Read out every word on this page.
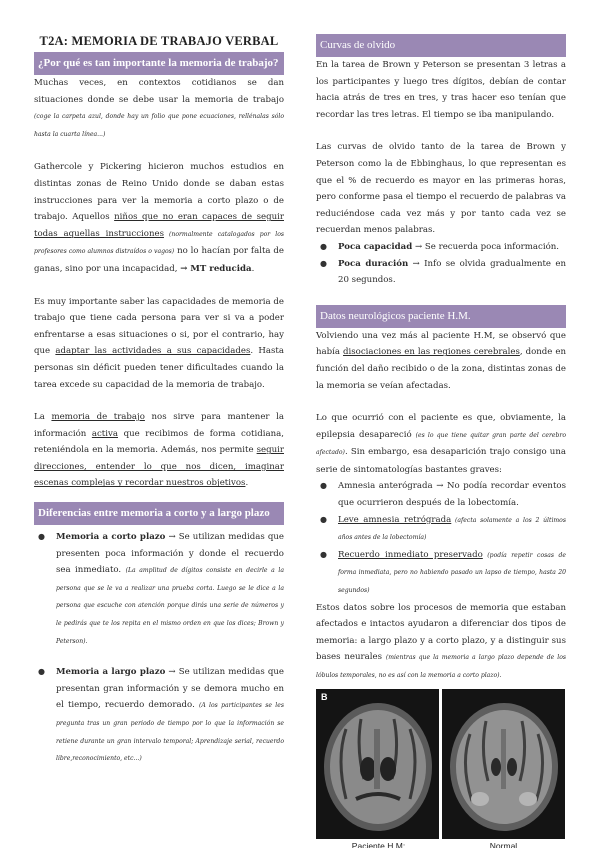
T2A: MEMORIA DE TRABAJO VERBAL
¿Por qué es tan importante la memoria de trabajo?

Muchas veces, en contextos cotidianos se dan situaciones donde se debe usar la memoria de trabajo (coge la carpeta azul, donde hay un folio que pone ecuaciones, rellénalas sólo hasta la cuarta línea...)

Gathercole y Pickering hicieron muchos estudios en distintas zonas de Reino Unido donde se daban estas instrucciones para ver la memoria a corto plazo o de trabajo. Aquellos niños que no eran capaces de seguir todas aquellas instrucciones (normalmente catalogados por los profesores como alumnos distraídos o vagos) no lo hacían por falta de ganas, sino por una incapacidad, → MT reducida.

Es muy importante saber las capacidades de memoria de trabajo que tiene cada persona para ver si va a poder enfrentarse a esas situaciones o si, por el contrario, hay que adaptar las actividades a sus capacidades. Hasta personas sin déficit pueden tener dificultades cuando la tarea excede su capacidad de la memoria de trabajo.

La memoria de trabajo nos sirve para mantener la información activa que recibimos de forma cotidiana, reteniéndola en la memoria. Además, nos permite seguir direcciones, entender lo que nos dicen, imaginar escenas complejas y recordar nuestros objetivos.

Diferencias entre memoria a corto y a largo plazo
● Memoria a corto plazo → Se utilizan medidas que presenten poca información y donde el recuerdo sea inmediato. (La amplitud de dígitos consiste en decirle a la persona que se le va a realizar una prueba corta. Luego se le dice a la persona que escuche con atención porque dirás una serie de números y le pedirás que te los repita en el mismo orden en que los dices; Brown y Peterson).
● Memoria a largo plazo → Se utilizan medidas que presentan gran información y se demora mucho en el tiempo, recuerdo demorado. (A los participantes se les pregunta tras un gran periodo de tiempo por lo que la información se retiene durante un gran intervalo temporal; Aprendizaje serial, recuerdo libre,reconocimiento, etc...)
Curvas de olvido

En la tarea de Brown y Peterson se presentan 3 letras a los participantes y luego tres dígitos, debían de contar hacia atrás de tres en tres, y tras hacer eso tenían que recordar las tres letras. El tiempo se iba manipulando.

Las curvas de olvido tanto de la tarea de Brown y Peterson como la de Ebbinghaus, lo que representan es que el % de recuerdo es mayor en las primeras horas, pero conforme pasa el tiempo el recuerdo de palabras va reduciéndose cada vez más y por tanto cada vez se recuerdan menos palabras.

● Poca capacidad → Se recuerda poca información.
● Poca duración → Info se olvida gradualmente en 20 segundos.
Datos neurológicos paciente H.M.

Volviendo una vez más al paciente H.M, se observó que había disociaciones en las regiones cerebrales, donde en función del daño recibido o de la zona, distintas zonas de la memoria se veían afectadas.

Lo que ocurrió con el paciente es que, obviamente, la epilepsia desapareció (es lo que tiene quitar gran parte del cerebro afectado). Sin embargo, esa desaparición trajo consigo una serie de sintomatologías bastantes graves:

● Amnesia anterógrada → No podía recordar eventos que ocurrieron después de la lobectomía.
● Leve amnesia retrógrada (afecta solamente a los 2 últimos años antes de la lobectomía)
● Recuerdo inmediato preservado (podía repetir cosas de forma inmediata, pero no habiendo pasado un lapso de tiempo, hasta 20 segundos)

Estos datos sobre los procesos de memoria que estaban afectados e intactos ayudaron a diferenciar dos tipos de memoria: a largo plazo y a corto plazo, y a distinguir sus bases neurales (mientras que la memoria a largo plazo depende de los lóbulos temporales, no es así con la memoria a corto plazo).

B
Paciente H.M:	Normal
